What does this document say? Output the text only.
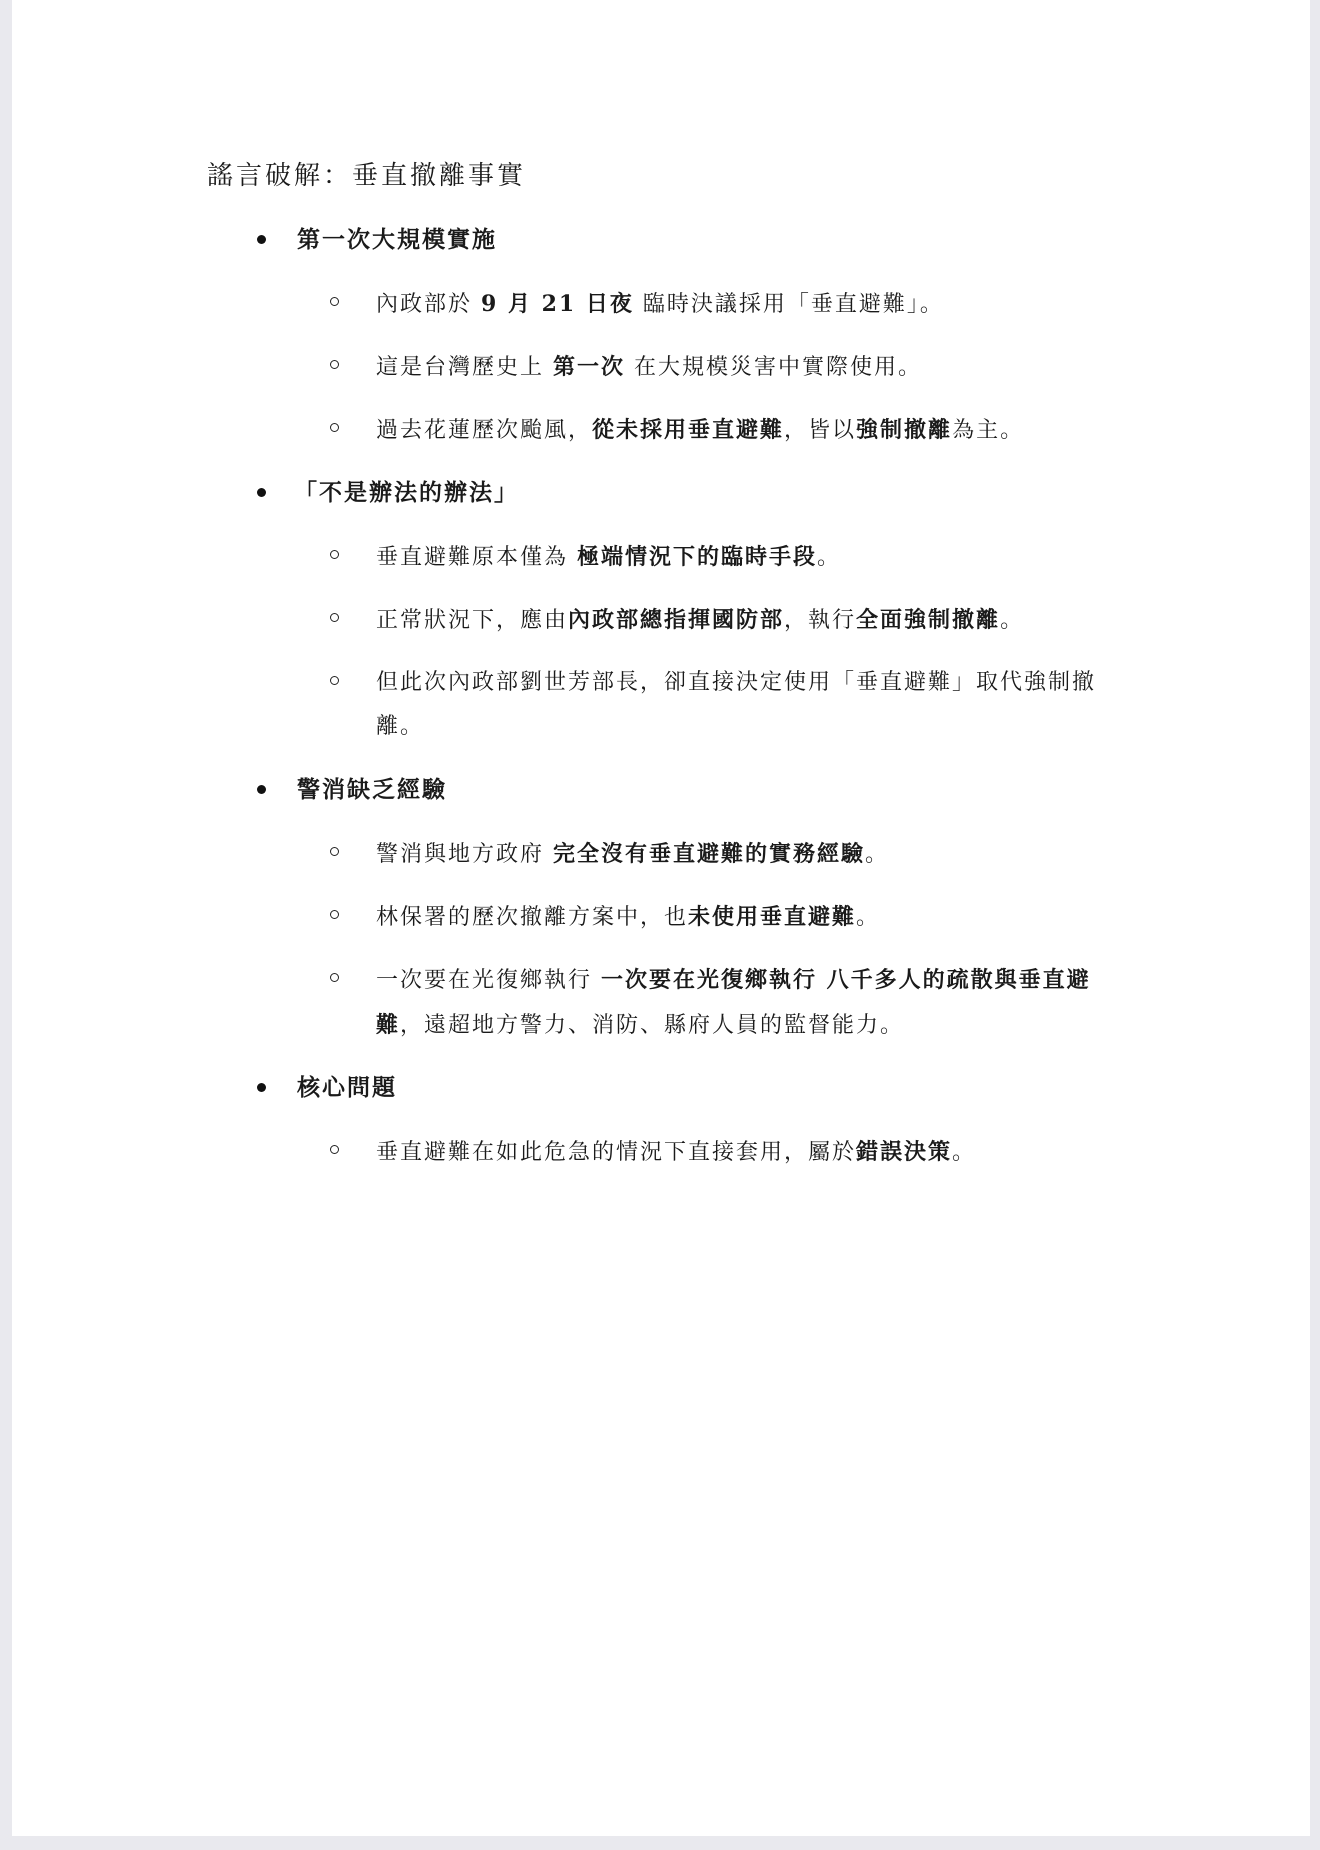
謠言破解：垂直撤離事實
第一次大規模實施
內政部於 9 月 21 日夜 臨時決議採用「垂直避難」。
這是台灣歷史上 第一次 在大規模災害中實際使用。
過去花蓮歷次颱風，從未採用垂直避難，皆以強制撤離為主。
「不是辦法的辦法」
垂直避難原本僅為 極端情況下的臨時手段。
正常狀況下，應由內政部總指揮國防部，執行全面強制撤離。
但此次內政部劉世芳部長，卻直接決定使用「垂直避難」取代強制撤離。
警消缺乏經驗
警消與地方政府 完全沒有垂直避難的實務經驗。
林保署的歷次撤離方案中，也未使用垂直避難。
一次要在光復鄉執行 一次要在光復鄉執行 八千多人的疏散與垂直避難，遠超地方警力、消防、縣府人員的監督能力。
核心問題
垂直避難在如此危急的情況下直接套用，屬於錯誤決策。
